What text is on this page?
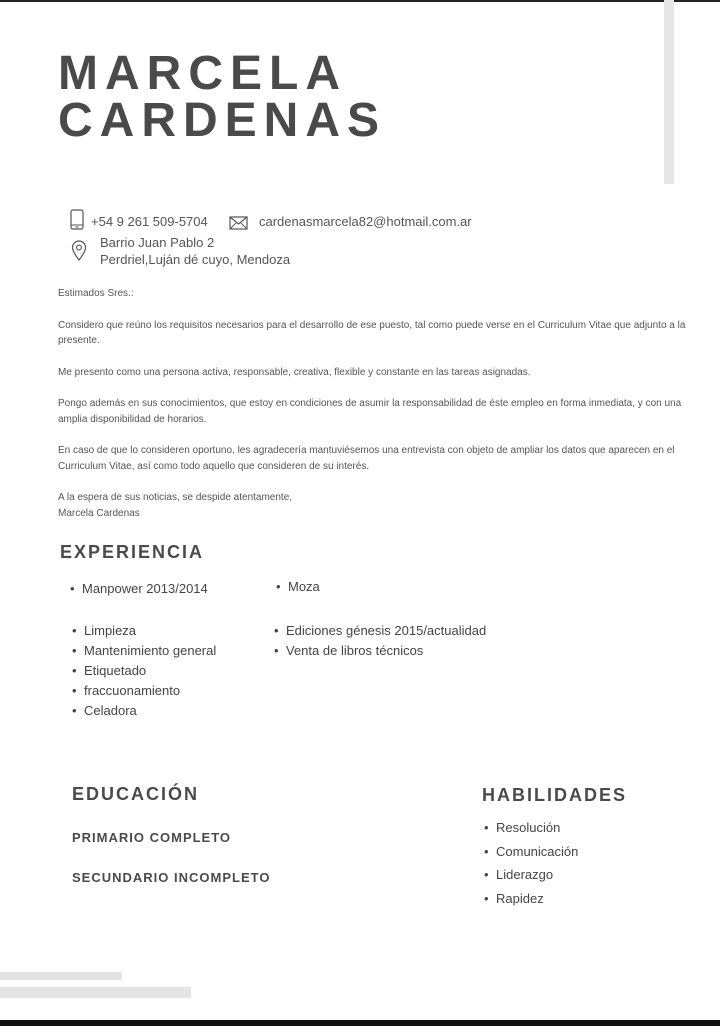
MARCELA
CARDENAS
+54 9 261 509-5704	cardenasmarcela82@hotmail.com.ar
Barrio Juan Pablo 2
Perdriel,Luján dé cuyo, Mendoza

Estimados Sres.:

Considero que reúno los requisitos necesarios para el desarrollo de ese puesto, tal como puede verse en el Curriculum Vitae que adjunto a la presente.

Me presento como una persona activa, responsable, creativa, flexible y constante en las tareas asignadas.

Pongo además en sus conocimientos, que estoy en condiciones de asumir la responsabilidad de éste empleo en forma inmediata, y con una amplia disponibilidad de horarios.

En caso de que lo consideren oportuno, les agradecería mantuviésemos una entrevista con objeto de ampliar los datos que aparecen en el Curriculum Vitae, así como todo aquello que consideren de su interés.

A la espera de sus noticias, se despide atentamente,

Marcela Cardenas

EXPERIENCIA
• Manpower 2013/2014
•	Moza
• Limpieza
• Mantenimiento general
• Etiquetado
• fraccuonamiento
• Celadora
• Ediciones génesis 2015/actualidad
• Venta de libros técnicos
EDUCACIÓN
PRIMARIO COMPLETO
SECUNDARIO INCOMPLETO
HABILIDADES
• Resolución
• Comunicación
• Liderazgo
• Rapidez
